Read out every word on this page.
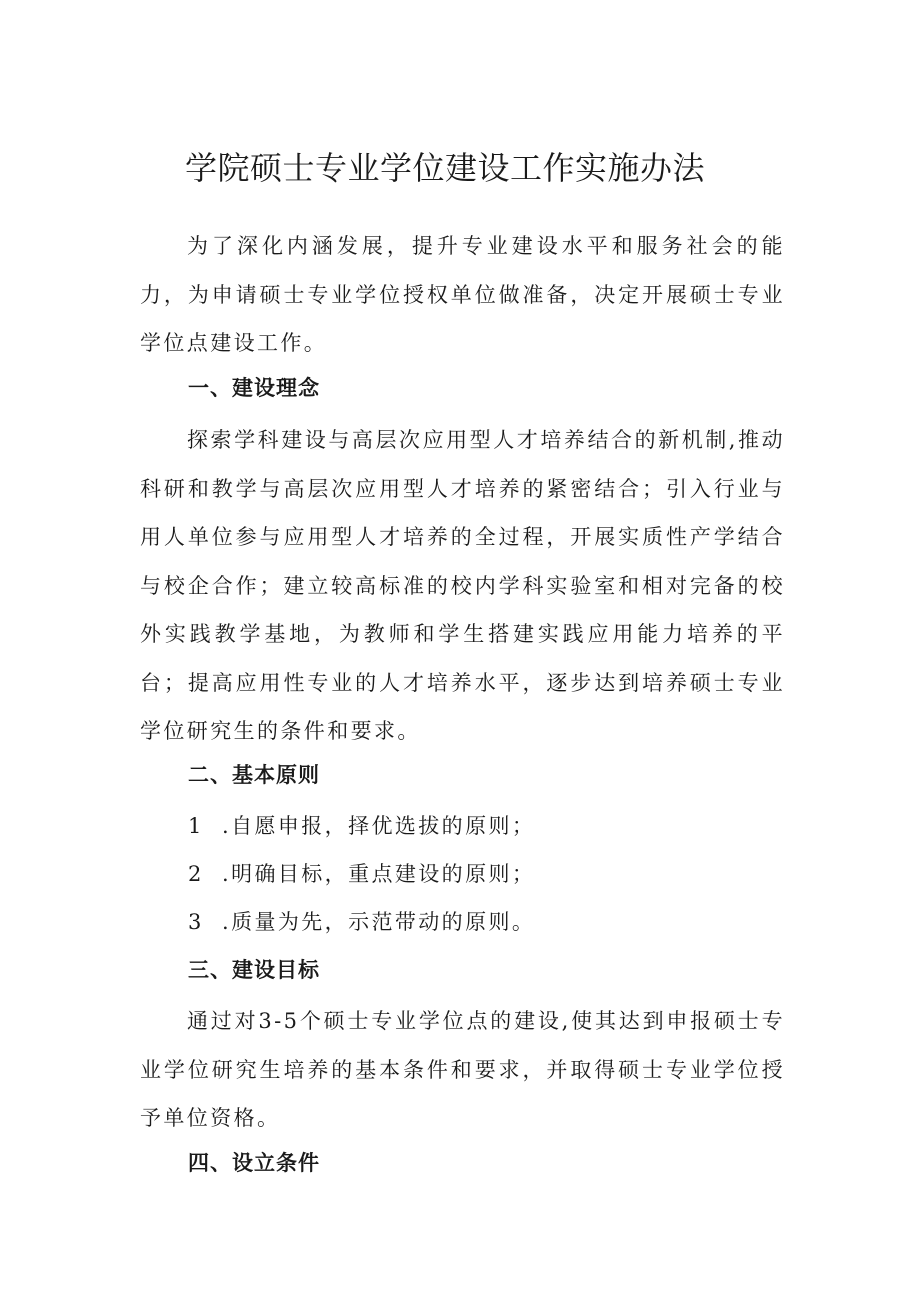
学院硕士专业学位建设工作实施办法

为了深化内涵发展，提升专业建设水平和服务社会的能力，为申请硕士专业学位授权单位做准备，决定开展硕士专业学位点建设工作。

一、建设理念

探索学科建设与高层次应用型人才培养结合的新机制,推动科研和教学与高层次应用型人才培养的紧密结合；引入行业与用人单位参与应用型人才培养的全过程，开展实质性产学结合与校企合作；建立较高标准的校内学科实验室和相对完备的校外实践教学基地，为教师和学生搭建实践应用能力培养的平台；提高应用性专业的人才培养水平，逐步达到培养硕士专业学位研究生的条件和要求。

二、基本原则

1 .自愿申报，择优选拔的原则；

2 .明确目标，重点建设的原则；

3 .质量为先，示范带动的原则。

三、建设目标

通过对3-5个硕士专业学位点的建设,使其达到申报硕士专业学位研究生培养的基本条件和要求，并取得硕士专业学位授予单位资格。

四、设立条件
